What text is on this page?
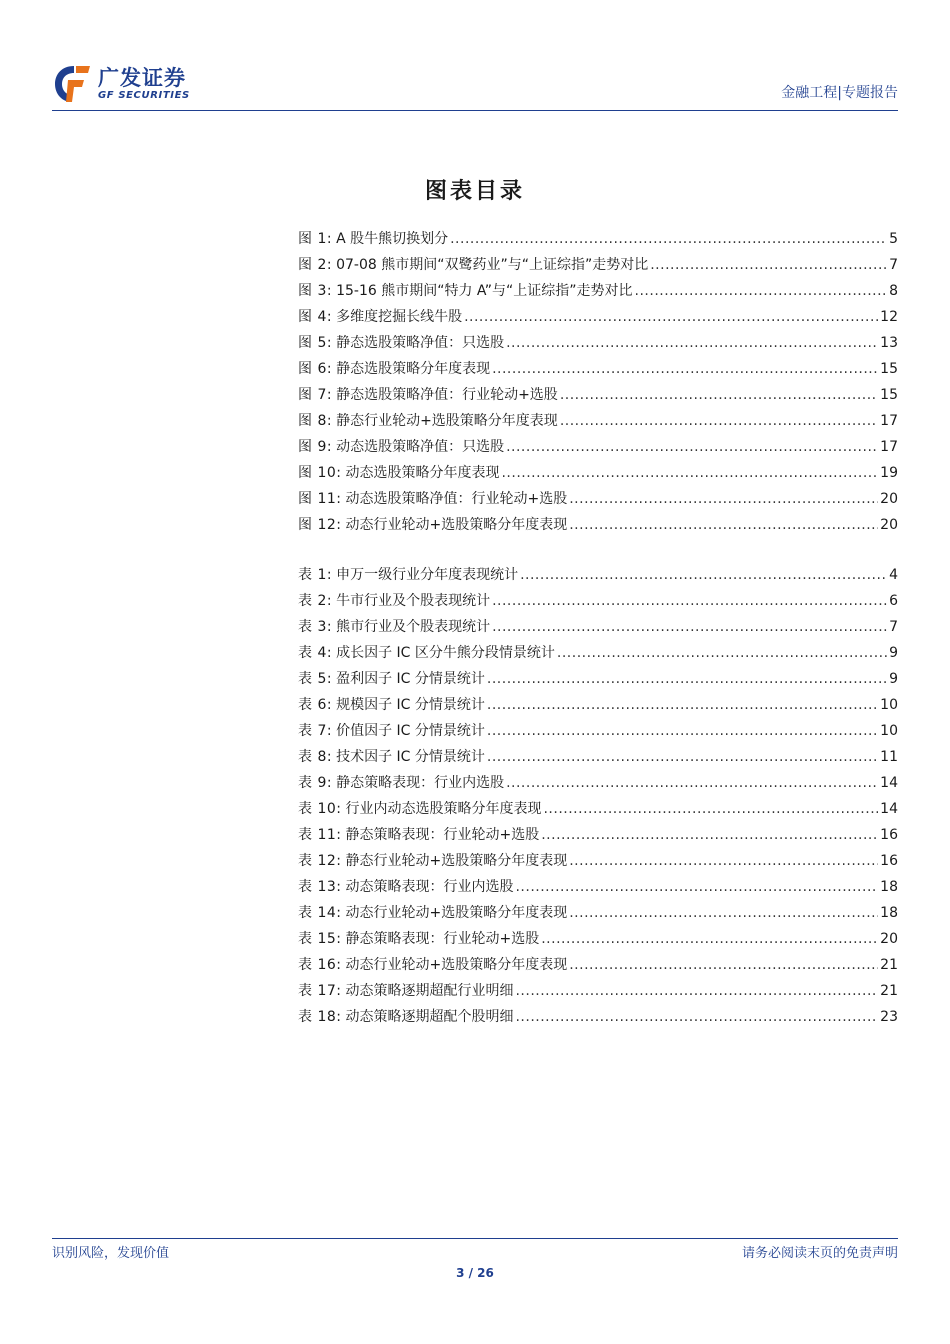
广发证券
GF SECURITIES	金融工程|专题报告
图表目录
图 1: A 股牛熊切换划分 .....	5
图 2: 07-08 熊市期间“双鹭药业”与“上证综指”走势对比 .....	7
图 3: 15-16 熊市期间“特力 A”与“上证综指”走势对比 .....	8
图 4: 多维度挖掘长线牛股 .....	12
图 5: 静态选股策略净值：只选股 .....	13
图 6: 静态选股策略分年度表现 .....	15
图 7: 静态选股策略净值：行业轮动+选股 .....	15
图 8: 静态行业轮动+选股策略分年度表现 .....	17
图 9: 动态选股策略净值：只选股 .....	17
图 10: 动态选股策略分年度表现 .....	19
图 11: 动态选股策略净值：行业轮动+选股 .....	20
图 12: 动态行业轮动+选股策略分年度表现 .....	20
表 1: 申万一级行业分年度表现统计 .....	4
表 2: 牛市行业及个股表现统计 .....	6
表 3: 熊市行业及个股表现统计 .....	7
表 4: 成长因子 IC 区分牛熊分段情景统计 .....	9
表 5: 盈利因子 IC 分情景统计 .....	9
表 6: 规模因子 IC 分情景统计 .....	10
表 7: 价值因子 IC 分情景统计 .....	10
表 8: 技术因子 IC 分情景统计 .....	11
表 9: 静态策略表现：行业内选股 .....	14
表 10: 行业内动态选股策略分年度表现 .....	14
表 11: 静态策略表现：行业轮动+选股 .....	16
表 12: 静态行业轮动+选股策略分年度表现 .....	16
表 13: 动态策略表现：行业内选股 .....	18
表 14: 动态行业轮动+选股策略分年度表现 .....	18
表 15: 静态策略表现：行业轮动+选股 .....	20
表 16: 动态行业轮动+选股策略分年度表现 .....	21
表 17: 动态策略逐期超配行业明细 .....	21
表 18: 动态策略逐期超配个股明细 .....	23
识别风险，发现价值	请务必阅读末页的免责声明
3 / 26
